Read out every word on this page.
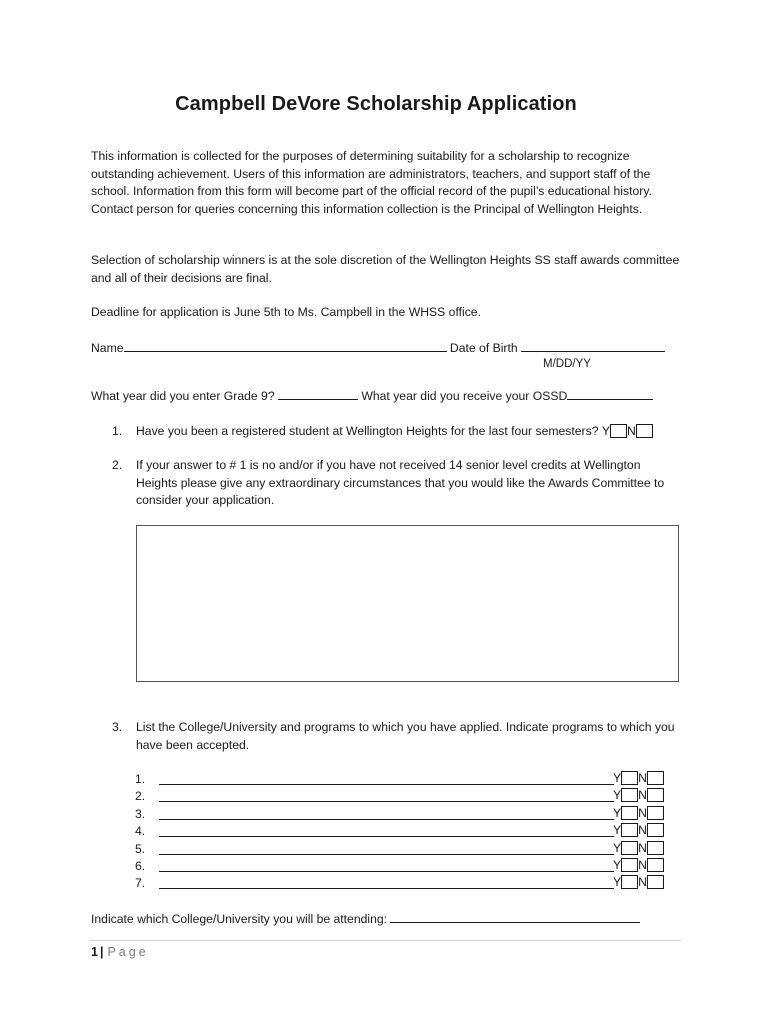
Campbell DeVore Scholarship Application

This information is collected for the purposes of determining suitability for a scholarship to recognize outstanding achievement. Users of this information are administrators, teachers, and support staff of the school. Information from this form will become part of the official record of the pupil’s educational history. Contact person for queries concerning this information collection is the Principal of Wellington Heights.

Selection of scholarship winners is at the sole discretion of the Wellington Heights SS staff awards committee and all of their decisions are final.

Deadline for application is June 5th to Ms. Campbell in the WHSS office.

Name	Date of Birth
M/DD/YY
What year did you enter Grade 9?	What year did you receive your OSSD
1. Have you been a registered student at Wellington Heights for the last four semesters? Y N
2. If your answer to # 1 is no and/or if you have not received 14 senior level credits at Wellington Heights please give any extraordinary circumstances that you would like the Awards Committee to consider your application.

3. List the College/University and programs to which you have applied. Indicate programs to which you have been accepted.

1.	Y N
2.	Y N
3.	Y N
4.	Y N
5.	Y N
6.	Y N
7.	Y N
Indicate which College/University you will be attending:
1 | Page
